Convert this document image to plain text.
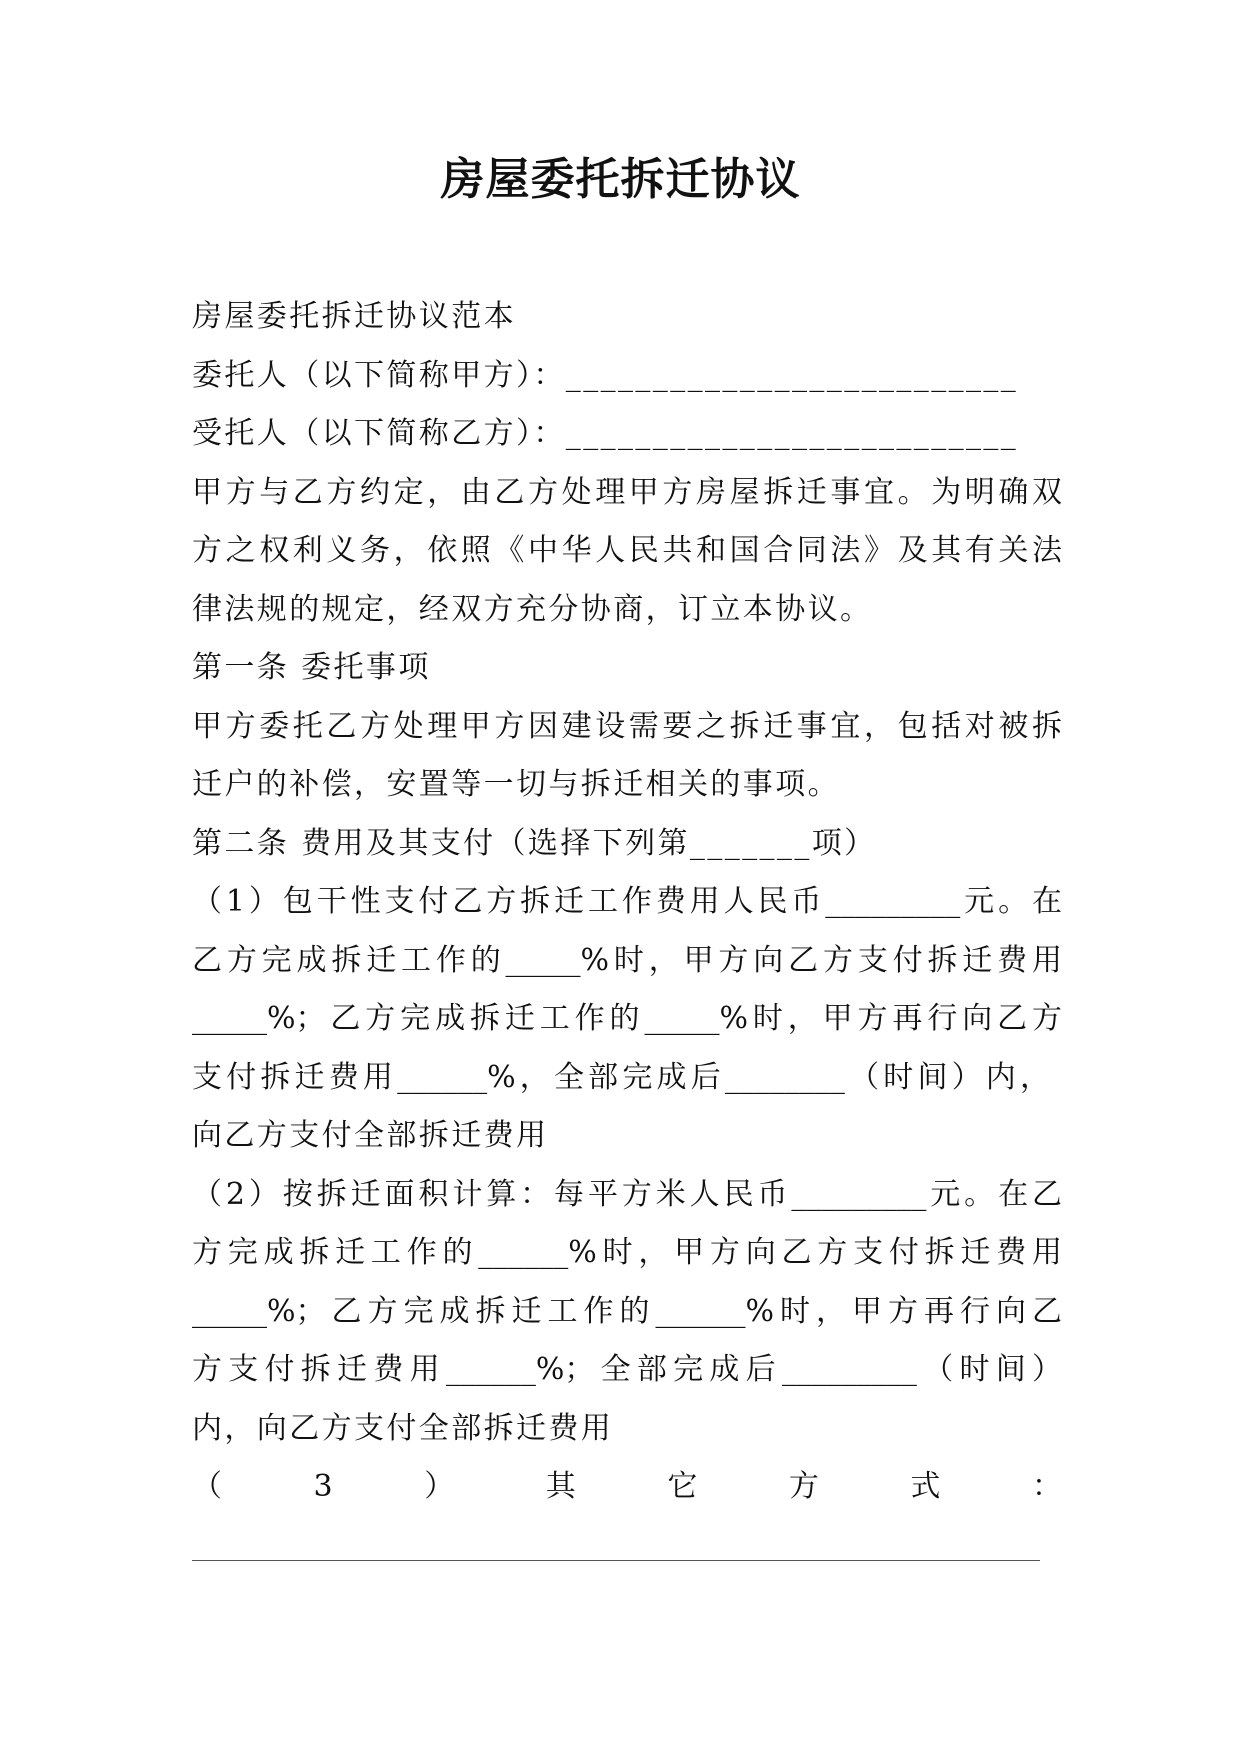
房屋委托拆迁协议
房屋委托拆迁协议范本
委托人（以下简称甲方）：__________________________
受托人（以下简称乙方）：__________________________
甲方与乙方约定，由乙方处理甲方房屋拆迁事宜。为明确双
方之权利义务，依照《中华人民共和国合同法》及其有关法
律法规的规定，经双方充分协商，订立本协议。
第一条 委托事项
甲方委托乙方处理甲方因建设需要之拆迁事宜，包括对被拆
迁户的补偿，安置等一切与拆迁相关的事项。
第二条 费用及其支付（选择下列第_______项）
（1）包干性支付乙方拆迁工作费用人民币_________元。在
乙方完成拆迁工作的_____%时，甲方向乙方支付拆迁费用
_____%；乙方完成拆迁工作的_____%时，甲方再行向乙方
支付拆迁费用______%，全部完成后________（时间）内，
向乙方支付全部拆迁费用
（2）按拆迁面积计算：每平方米人民币_________元。在乙
方完成拆迁工作的______%时，甲方向乙方支付拆迁费用
_____%；乙方完成拆迁工作的______%时，甲方再行向乙
方支付拆迁费用______%；全部完成后_________（时间）
内，向乙方支付全部拆迁费用
（3）其它方式：
